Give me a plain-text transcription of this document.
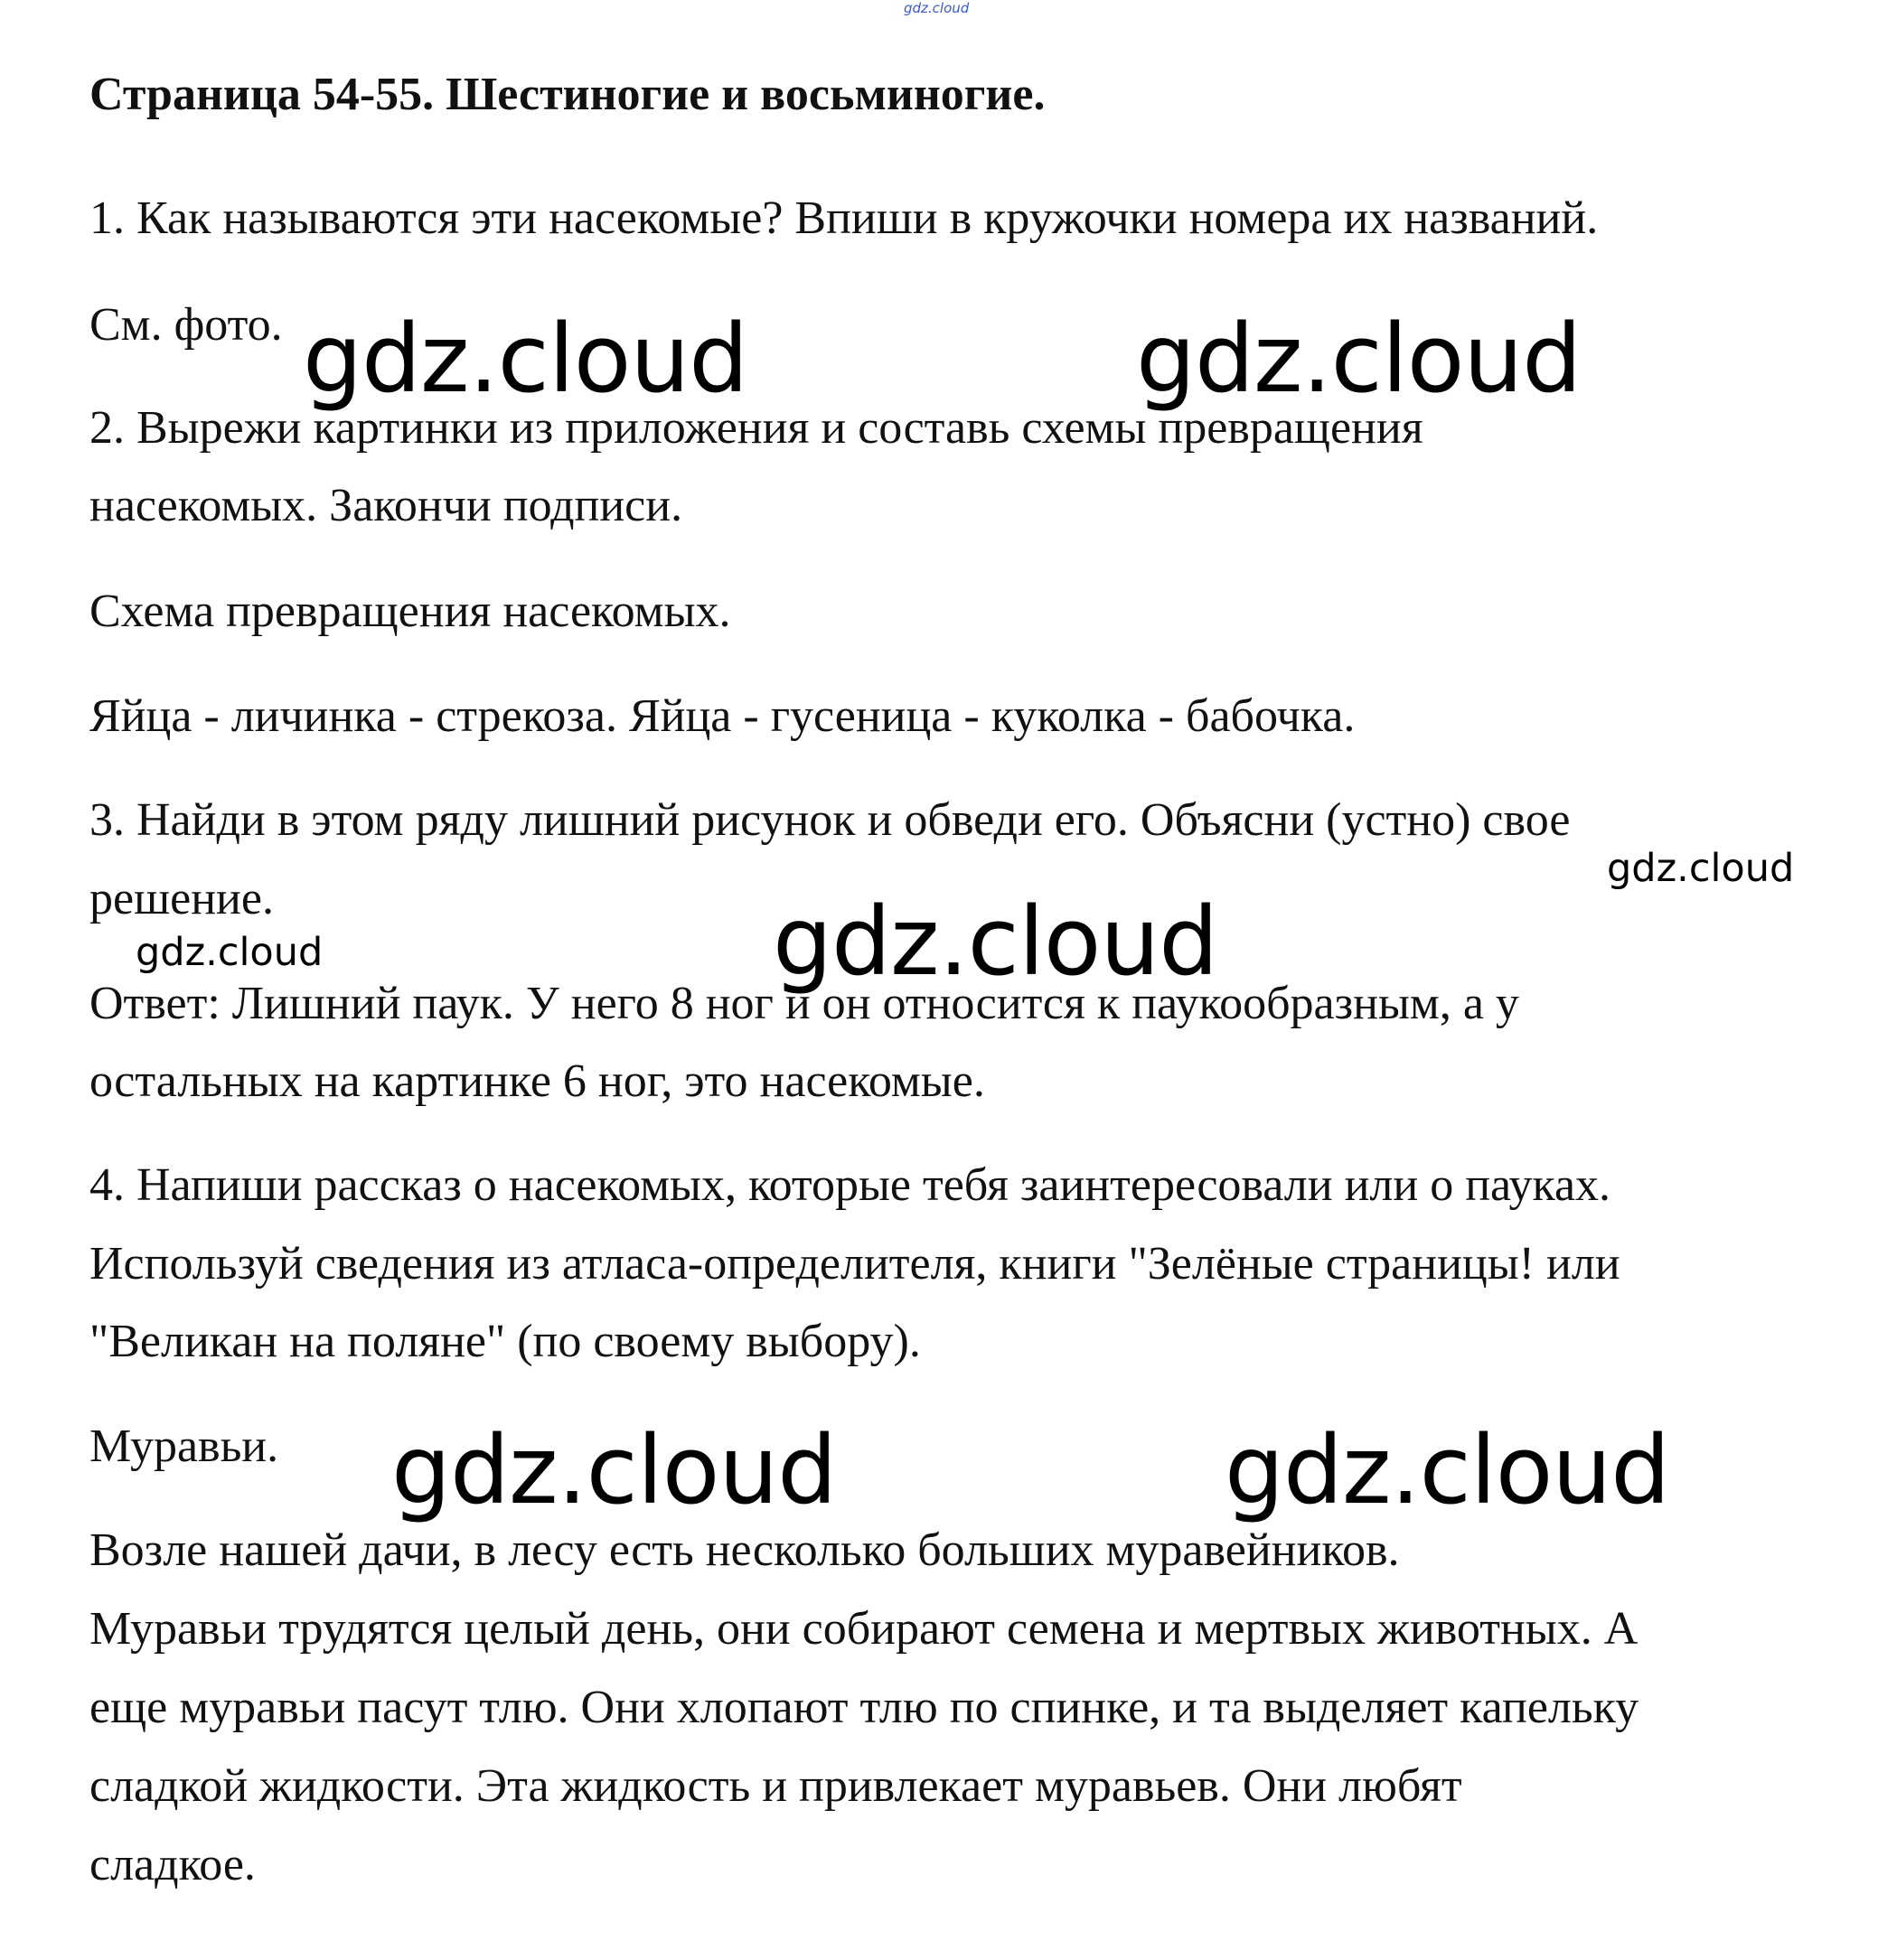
gdz.cloud

Страница 54-55. Шестиногие и восьминогие.

1. Как называются эти насекомые? Впиши в кружочки номера их названий.

См. фото.

2. Вырежи картинки из приложения и составь схемы превращения

насекомых. Закончи подписи.

Схема превращения насекомых.

Яйца - личинка - стрекоза. Яйца - гусеница - куколка - бабочка.

3. Найди в этом ряду лишний рисунок и обведи его. Объясни (устно) свое

решение.

Ответ: Лишний паук. У него 8 ног и он относится к паукообразным, а у

остальных на картинке 6 ног, это насекомые.

4. Напиши рассказ о насекомых, которые тебя заинтересовали или о пауках.

Используй сведения из атласа-определителя, книги "Зелёные страницы! или

"Великан на поляне" (по своему выбору).

Муравьи.

Возле нашей дачи, в лесу есть несколько больших муравейников.

Муравьи трудятся целый день, они собирают семена и мертвых животных. А

еще муравьи пасут тлю. Они хлопают тлю по спинке, и та выделяет капельку

сладкой жидкости. Эта жидкость и привлекает муравьев. Они любят

сладкое.

gdz.cloud	gdz.cloud
gdz.cloud
gdz.cloud	gdz.cloud
gdz.cloud	gdz.cloud
